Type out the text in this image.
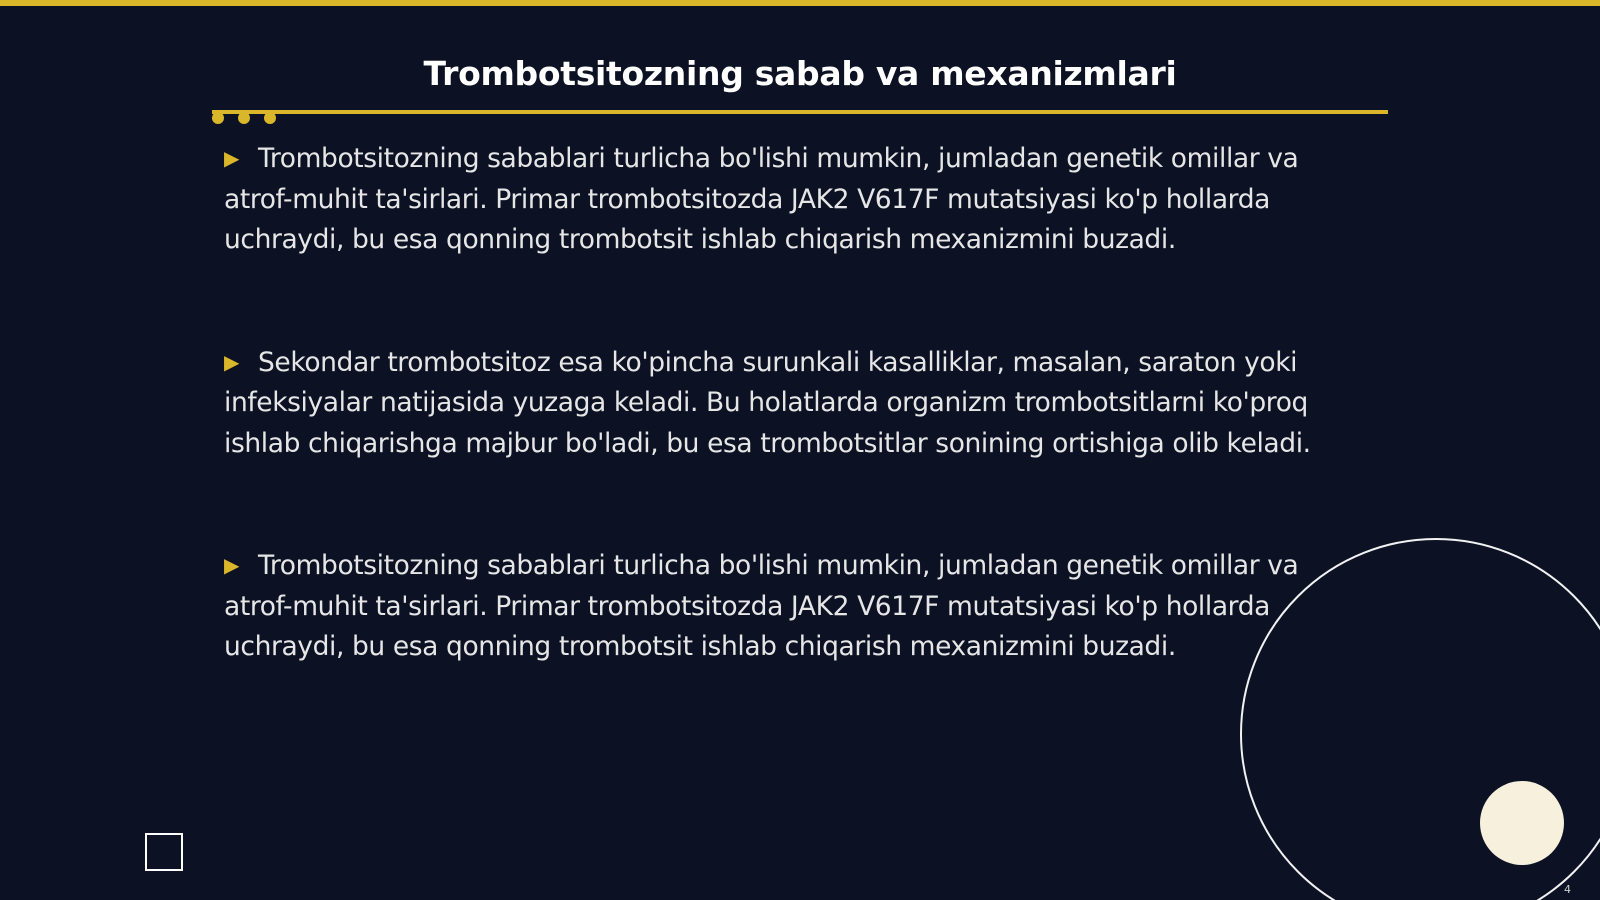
Trombotsitozning sabab va mexanizmlari

▶ Trombotsitozning sabablari turlicha bo'lishi mumkin, jumladan genetik omillar va
atrof-muhit ta'sirlari. Primar trombotsitozda JAK2 V617F mutatsiyasi ko'p hollarda
uchraydi, bu esa qonning trombotsit ishlab chiqarish mexanizmini buzadi.

▶ Sekondar trombotsitoz esa ko'pincha surunkali kasalliklar, masalan, saraton yoki
infeksiyalar natijasida yuzaga keladi. Bu holatlarda organizm trombotsitlarni ko'proq
ishlab chiqarishga majbur bo'ladi, bu esa trombotsitlar sonining ortishiga olib keladi.

▶ Trombotsitozning sabablari turlicha bo'lishi mumkin, jumladan genetik omillar va
atrof-muhit ta'sirlari. Primar trombotsitozda JAK2 V617F mutatsiyasi ko'p hollarda
uchraydi, bu esa qonning trombotsit ishlab chiqarish mexanizmini buzadi.

4
